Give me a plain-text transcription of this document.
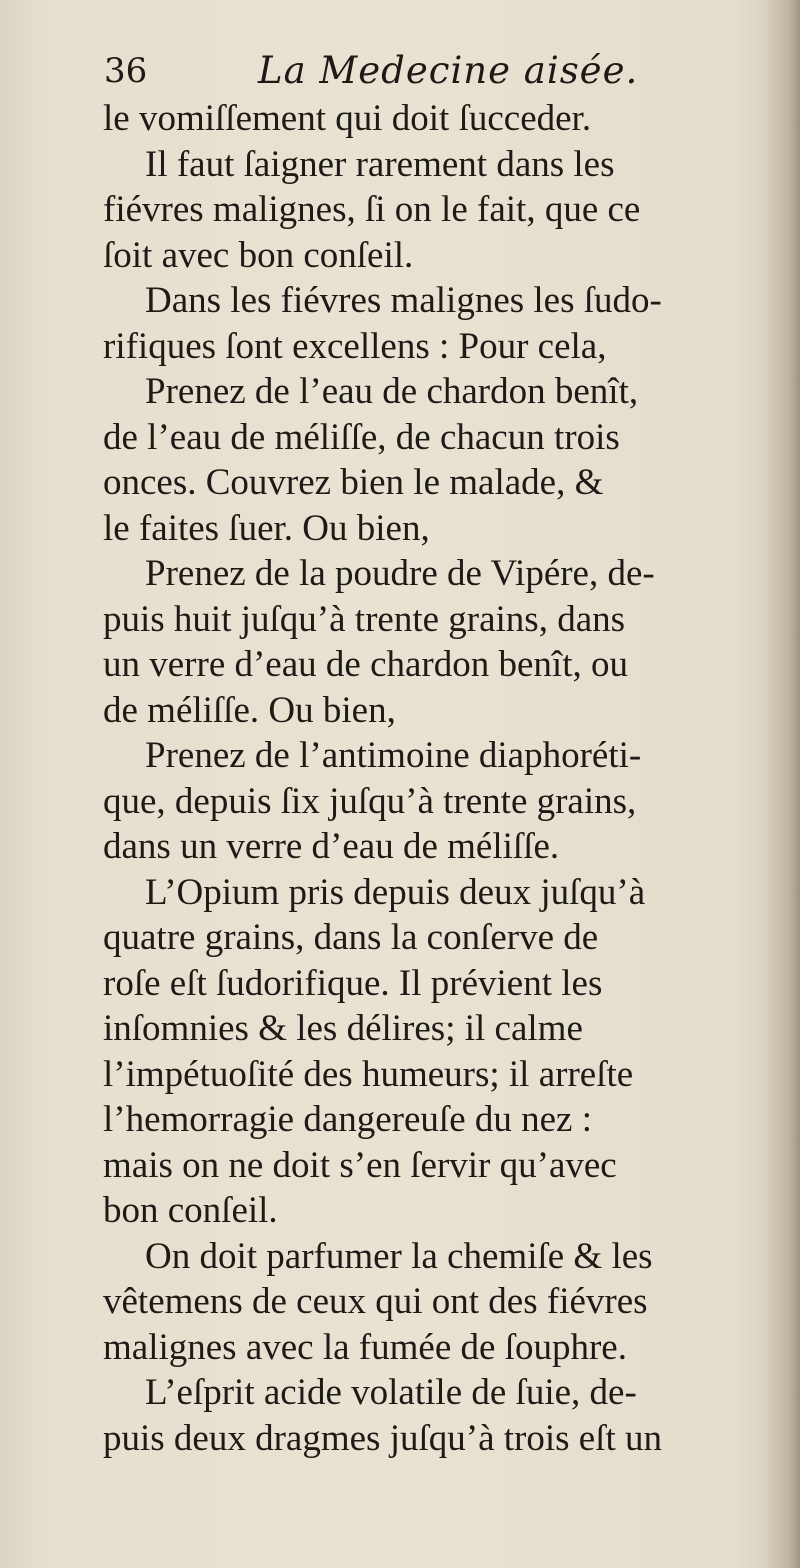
36	La Medecine aisée.
le vomiſſement qui doit ſucceder.
Il faut ſaigner rarement dans les
fiévres malignes, ſi on le fait, que ce
ſoit avec bon conſeil.
Dans les fiévres malignes les ſudo-
rifiques ſont excellens : Pour cela,
Prenez de l’eau de chardon benît,
de l’eau de méliſſe, de chacun trois
onces. Couvrez bien le malade, &
le faites ſuer. Ou bien,
Prenez de la poudre de Vipére, de-
puis huit juſqu’à trente grains, dans
un verre d’eau de chardon benît, ou
de méliſſe. Ou bien,
Prenez de l’antimoine diaphoréti-
que, depuis ſix juſqu’à trente grains,
dans un verre d’eau de méliſſe.
L’Opium pris depuis deux juſqu’à
quatre grains, dans la conſerve de
roſe eſt ſudorifique. Il prévient les
inſomnies & les délires; il calme
l’impétuoſité des humeurs; il arreſte
l’hemorragie dangereuſe du nez :
mais on ne doit s’en ſervir qu’avec
bon conſeil.
On doit parfumer la chemiſe & les
vêtemens de ceux qui ont des fiévres
malignes avec la fumée de ſouphre.
L’eſprit acide volatile de ſuie, de-
puis deux dragmes juſqu’à trois eſt un
